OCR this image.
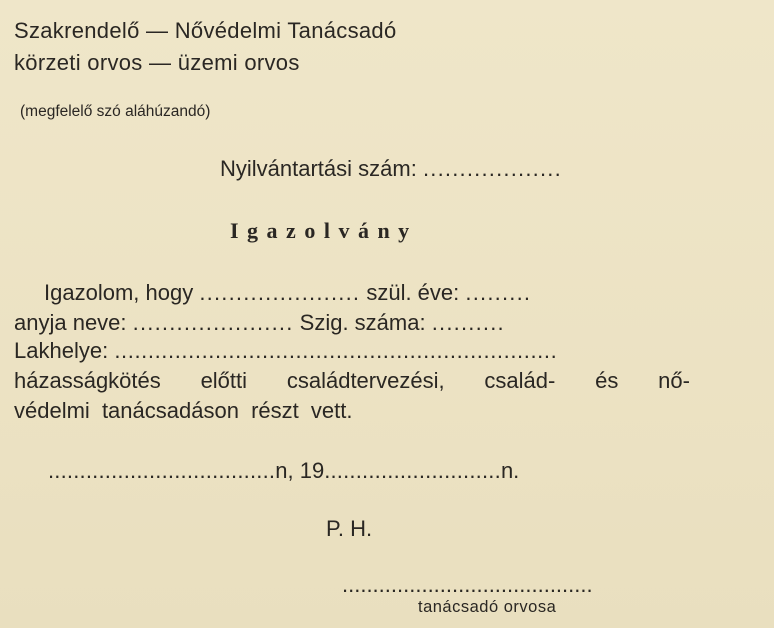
Szakrendelő — Nővédelmi Tanácsadó
körzeti orvos — üzemi orvos
(megfelelő szó aláhúzandó)
Nyilvántartási szám: ...................
Igazolvány
Igazolom, hogy ...................... szül. éve: .........
anyja neve: ...................... Szig. száma: ..........
Lakhelye: ..................................................................
házasságkötés előtti családtervezési, család- és nő-
védelmi tanácsadáson részt vett.
....................................n, 19............................n.
P. H.
.........................................
tanácsadó orvosa
